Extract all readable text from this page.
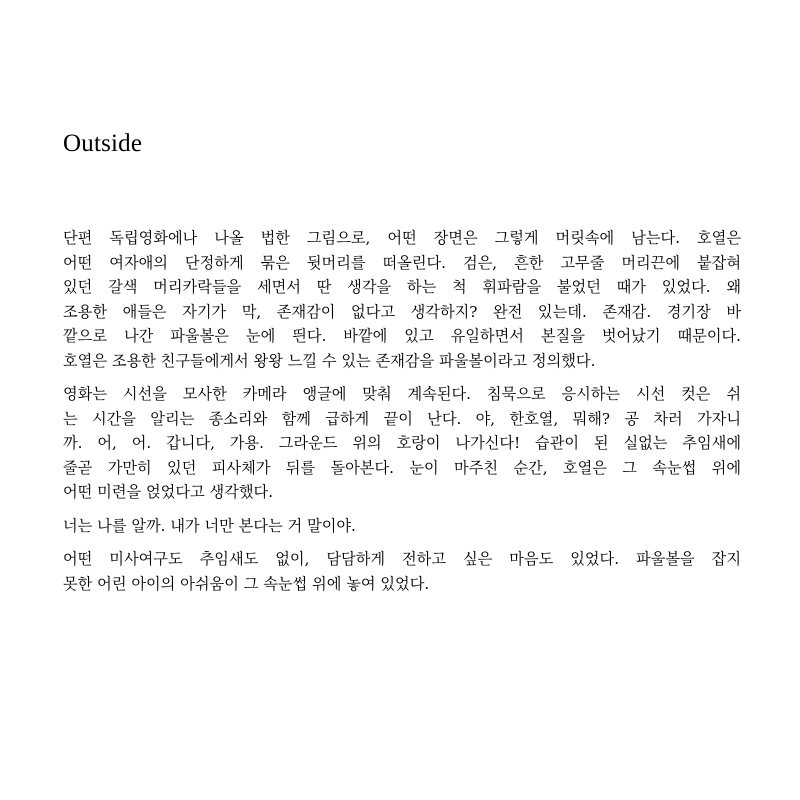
Outside

단편 독립영화에나 나올 법한 그림으로, 어떤 장면은 그렇게 머릿속에 남는다. 호열은
어떤 여자애의 단정하게 묶은 뒷머리를 떠올린다. 검은, 흔한 고무줄 머리끈에 붙잡혀
있던 갈색 머리카락들을 세면서 딴 생각을 하는 척 휘파람을 불었던 때가 있었다. 왜
조용한 애들은 자기가 막, 존재감이 없다고 생각하지? 완전 있는데. 존재감. 경기장 바
깥으로 나간 파울볼은 눈에 띈다. 바깥에 있고 유일하면서 본질을 벗어났기 때문이다.
호열은 조용한 친구들에게서 왕왕 느낄 수 있는 존재감을 파울볼이라고 정의했다.

영화는 시선을 모사한 카메라 앵글에 맞춰 계속된다. 침묵으로 응시하는 시선 컷은 쉬
는 시간을 알리는 종소리와 함께 급하게 끝이 난다. 야, 한호열, 뭐해? 공 차러 가자니
까. 어, 어. 갑니다, 가용. 그라운드 위의 호랑이 나가신다! 습관이 된 실없는 추임새에
줄곧 가만히 있던 피사체가 뒤를 돌아본다. 눈이 마주친 순간, 호열은 그 속눈썹 위에
어떤 미련을 얹었다고 생각했다.

너는 나를 알까. 내가 너만 본다는 거 말이야.

어떤 미사여구도 추임새도 없이, 담담하게 전하고 싶은 마음도 있었다. 파울볼을 잡지
못한 어린 아이의 아쉬움이 그 속눈썹 위에 놓여 있었다.
